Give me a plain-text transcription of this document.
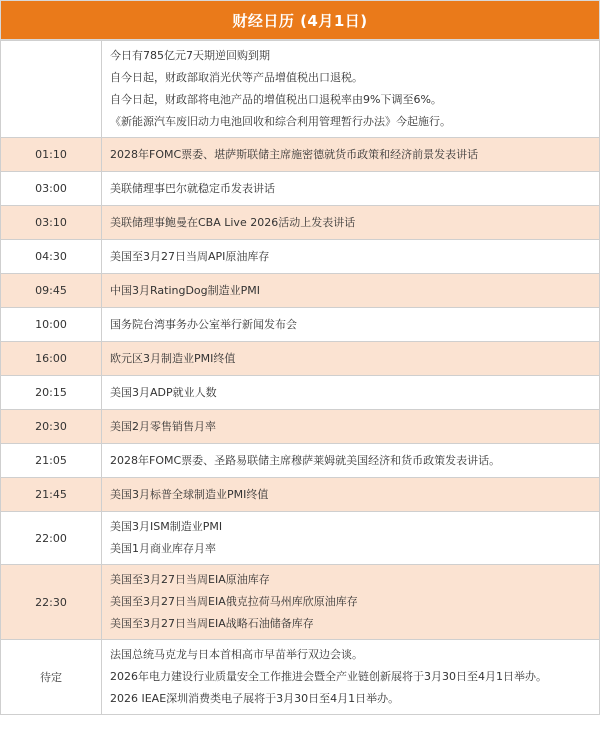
财经日历 (4月1日)

	今日有785亿元7天期逆回购到期
自今日起，财政部取消光伏等产品增值税出口退税。
自今日起，财政部将电池产品的增值税出口退税率由9%下调至6%。
《新能源汽车废旧动力电池回收和综合利用管理暂行办法》今起施行。

01:10	2028年FOMC票委、堪萨斯联储主席施密德就货币政策和经济前景发表讲话

03:00	美联储理事巴尔就稳定币发表讲话

03:10	美联储理事鲍曼在CBA Live 2026活动上发表讲话

04:30	美国至3月27日当周API原油库存

09:45	中国3月RatingDog制造业PMI

10:00	国务院台湾事务办公室举行新闻发布会

16:00	欧元区3月制造业PMI终值

20:15	美国3月ADP就业人数

20:30	美国2月零售销售月率

21:05	2028年FOMC票委、圣路易联储主席穆萨莱姆就美国经济和货币政策发表讲话。

21:45	美国3月标普全球制造业PMI终值

22:00	美国3月ISM制造业PMI
美国1月商业库存月率

22:30	美国至3月27日当周EIA原油库存
美国至3月27日当周EIA俄克拉荷马州库欣原油库存
美国至3月27日当周EIA战略石油储备库存

待定	法国总统马克龙与日本首相高市早苗举行双边会谈。
2026年电力建设行业质量安全工作推进会暨全产业链创新展将于3月30日至4月1日举办。
2026 IEAE深圳消费类电子展将于3月30日至4月1日举办。
